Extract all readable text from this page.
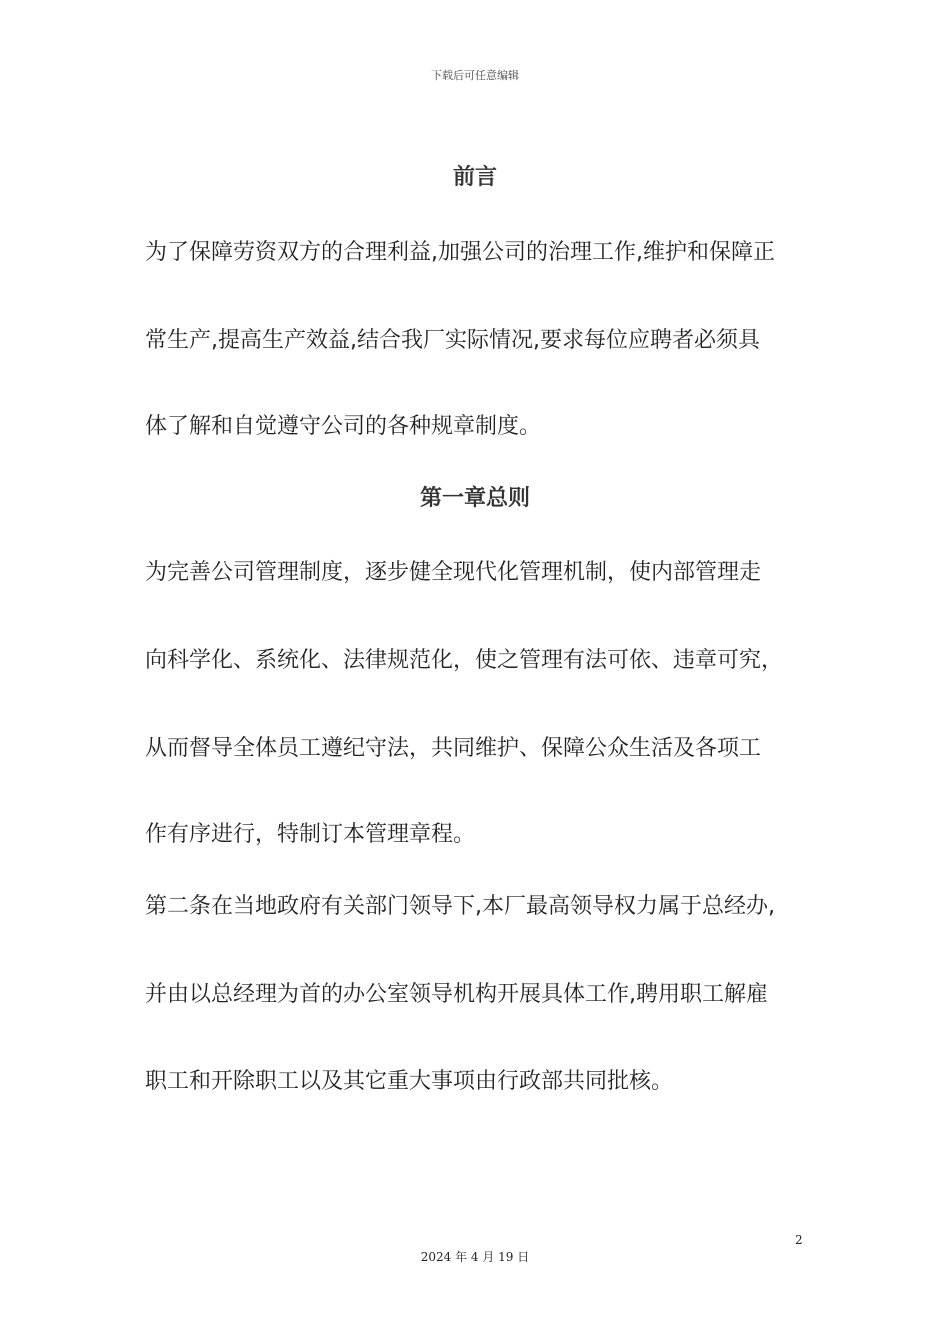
下载后可任意编辑
前言
为了保障劳资双方的合理利益,加强公司的治理工作,维护和保障正
常生产,提高生产效益,结合我厂实际情况,要求每位应聘者必须具
体了解和自觉遵守公司的各种规章制度。
第一章总则
为完善公司管理制度，逐步健全现代化管理机制，使内部管理走
向科学化、系统化、法律规范化，使之管理有法可依、违章可究，
从而督导全体员工遵纪守法，共同维护、保障公众生活及各项工
作有序进行，特制订本管理章程。
第二条在当地政府有关部门领导下,本厂最高领导权力属于总经办,
并由以总经理为首的办公室领导机构开展具体工作,聘用职工解雇
职工和开除职工以及其它重大事项由行政部共同批核。
2
2024 年 4 月 19 日
